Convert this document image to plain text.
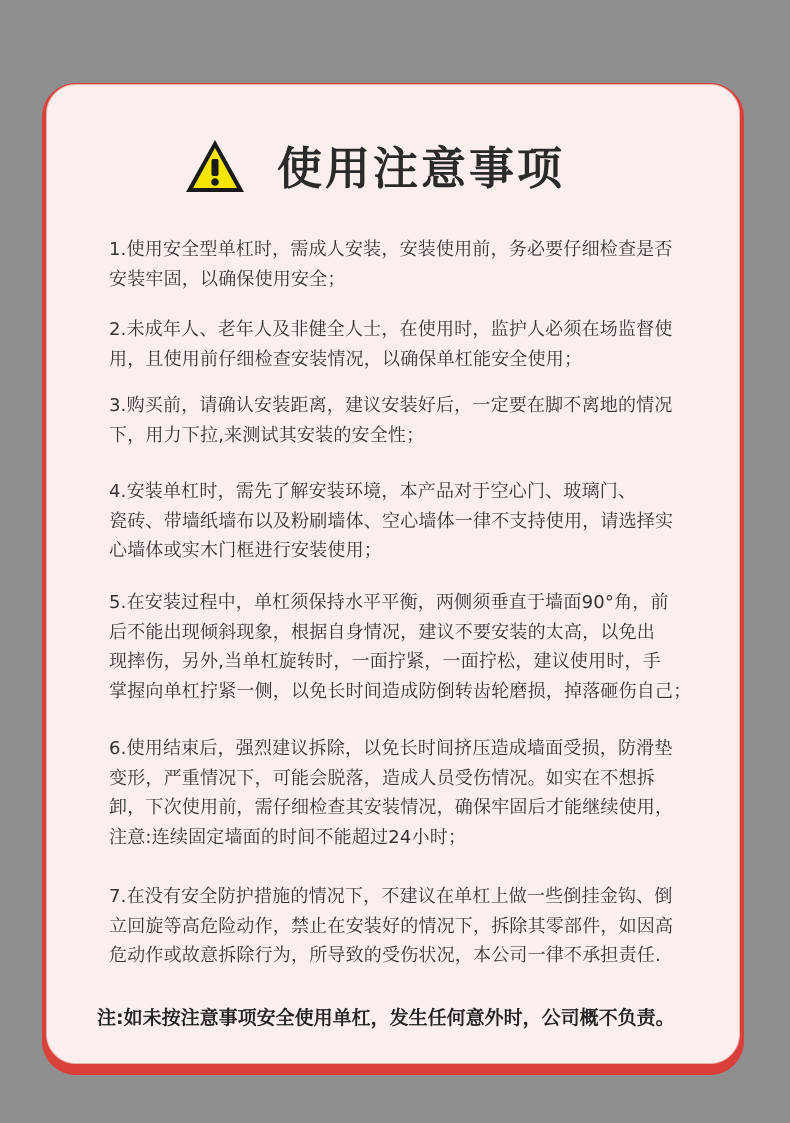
使用注意事项
1.使用安全型单杠时，需成人安装，安装使用前，务必要仔细检查是否
安装牢固，以确保使用安全；
2.未成年人、老年人及非健全人士，在使用时，监护人必须在场监督使
用，且使用前仔细检查安装情况，以确保单杠能安全使用；
3.购买前，请确认安装距离，建议安装好后，一定要在脚不离地的情况
下，用力下拉,来测试其安装的安全性；
4.安装单杠时，需先了解安装环境，本产品对于空心门、玻璃门、
瓷砖、带墙纸墙布以及粉刷墙体、空心墙体一律不支持使用，请选择实
心墙体或实木门框进行安装使用；
5.在安装过程中，单杠须保持水平平衡，两侧须垂直于墙面90°角，前
后不能出现倾斜现象，根据自身情况，建议不要安装的太高，以免出
现摔伤，另外,当单杠旋转时，一面拧紧，一面拧松，建议使用时，手
掌握向单杠拧紧一侧，以免长时间造成防倒转齿轮磨损，掉落砸伤自己；
6.使用结束后，强烈建议拆除，以免长时间挤压造成墙面受损，防滑垫
变形，严重情况下，可能会脱落，造成人员受伤情况。如实在不想拆
卸，下次使用前，需仔细检查其安装情况，确保牢固后才能继续使用，
注意:连续固定墙面的时间不能超过24小时；
7.在没有安全防护措施的情况下，不建议在单杠上做一些倒挂金钩、倒
立回旋等高危险动作，禁止在安装好的情况下，拆除其零部件，如因高
危动作或故意拆除行为，所导致的受伤状况，本公司一律不承担责任.
注:如未按注意事项安全使用单杠，发生任何意外时，公司概不负责。
